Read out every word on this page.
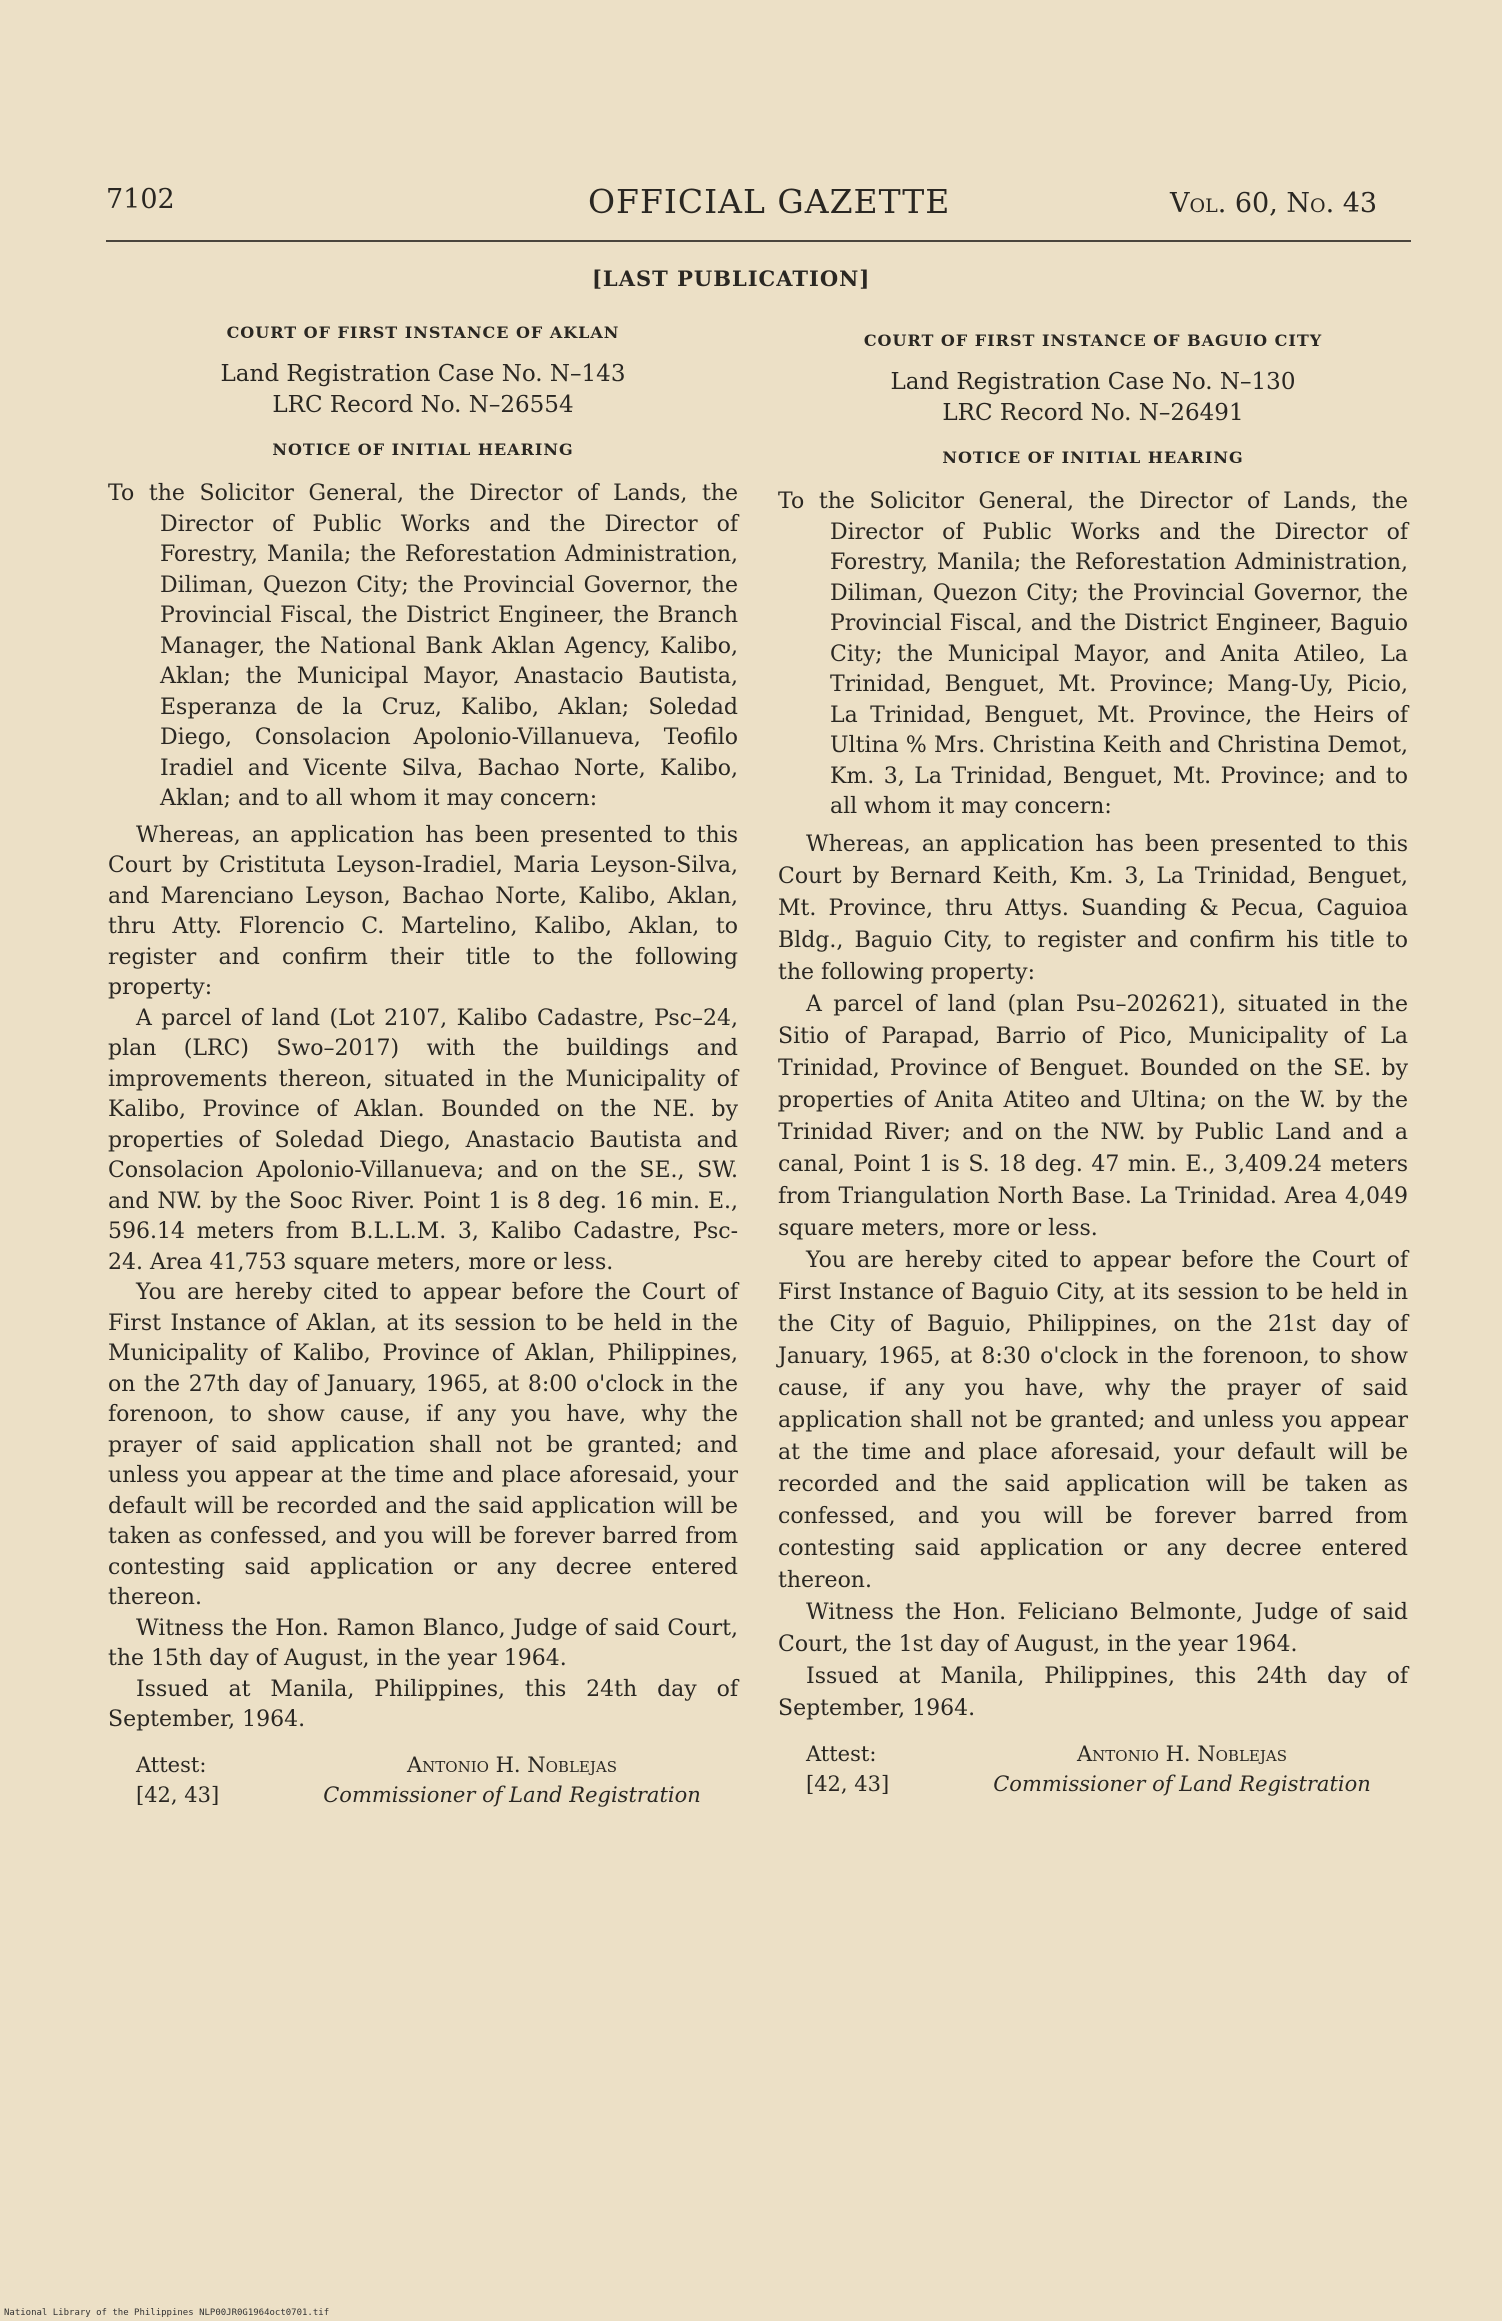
7102	OFFICIAL GAZETTE	Vol. 60, No. 43
[LAST PUBLICATION]
COURT OF FIRST INSTANCE OF AKLAN
Land Registration Case No. N–143
LRC Record No. N–26554
NOTICE OF INITIAL HEARING

To the Solicitor General, the Director of Lands, the Director of Public Works and the Director of Forestry, Manila; the Reforestation Administration, Diliman, Quezon City; the Provincial Governor, the Provincial Fiscal, the District Engineer, the Branch Manager, the National Bank Aklan Agency, Kalibo, Aklan; the Municipal Mayor, Anastacio Bautista, Esperanza de la Cruz, Kalibo, Aklan; Soledad Diego, Consolacion Apolonio-Villanueva, Teofilo Iradiel and Vicente Silva, Bachao Norte, Kalibo, Aklan; and to all whom it may concern:

Whereas, an application has been presented to this Court by Cristituta Leyson-Iradiel, Maria Leyson-Silva, and Marenciano Leyson, Bachao Norte, Kalibo, Aklan, thru Atty. Florencio C. Martelino, Kalibo, Aklan, to register and confirm their title to the following property:

A parcel of land (Lot 2107, Kalibo Cadastre, Psc–24, plan (LRC) Swo–2017) with the buildings and improvements thereon, situated in the Municipality of Kalibo, Province of Aklan. Bounded on the NE. by properties of Soledad Diego, Anastacio Bautista and Consolacion Apolonio-Villanueva; and on the SE., SW. and NW. by the Sooc River. Point 1 is 8 deg. 16 min. E., 596.14 meters from B.L.L.M. 3, Kalibo Cadastre, Psc-24. Area 41,753 square meters, more or less.

You are hereby cited to appear before the Court of First Instance of Aklan, at its session to be held in the Municipality of Kalibo, Province of Aklan, Philippines, on the 27th day of January, 1965, at 8:00 o'clock in the forenoon, to show cause, if any you have, why the prayer of said application shall not be granted; and unless you appear at the time and place aforesaid, your default will be recorded and the said application will be taken as confessed, and you will be forever barred from contesting said application or any decree entered thereon.

Witness the Hon. Ramon Blanco, Judge of said Court, the 15th day of August, in the year 1964.

Issued at Manila, Philippines, this 24th day of September, 1964.

Attest:
[42, 43]
Antonio H. Noblejas
Commissioner of Land Registration
COURT OF FIRST INSTANCE OF BAGUIO CITY
Land Registration Case No. N–130
LRC Record No. N–26491
NOTICE OF INITIAL HEARING

To the Solicitor General, the Director of Lands, the Director of Public Works and the Director of Forestry, Manila; the Reforestation Administration, Diliman, Quezon City; the Provincial Governor, the Provincial Fiscal, and the District Engineer, Baguio City; the Municipal Mayor, and Anita Atileo, La Trinidad, Benguet, Mt. Province; Mang-Uy, Picio, La Trinidad, Benguet, Mt. Province, the Heirs of Ultina % Mrs. Christina Keith and Christina Demot, Km. 3, La Trinidad, Benguet, Mt. Province; and to all whom it may concern:

Whereas, an application has been presented to this Court by Bernard Keith, Km. 3, La Trinidad, Benguet, Mt. Province, thru Attys. Suanding & Pecua, Caguioa Bldg., Baguio City, to register and confirm his title to the following property:

A parcel of land (plan Psu–202621), situated in the Sitio of Parapad, Barrio of Pico, Municipality of La Trinidad, Province of Benguet. Bounded on the SE. by properties of Anita Atiteo and Ultina; on the W. by the Trinidad River; and on the NW. by Public Land and a canal, Point 1 is S. 18 deg. 47 min. E., 3,409.24 meters from Triangulation North Base. La Trinidad. Area 4,049 square meters, more or less.

You are hereby cited to appear before the Court of First Instance of Baguio City, at its session to be held in the City of Baguio, Philippines, on the 21st day of January, 1965, at 8:30 o'clock in the forenoon, to show cause, if any you have, why the prayer of said application shall not be granted; and unless you appear at the time and place aforesaid, your default will be recorded and the said application will be taken as confessed, and you will be forever barred from contesting said application or any decree entered thereon.

Witness the Hon. Feliciano Belmonte, Judge of said Court, the 1st day of August, in the year 1964.

Issued at Manila, Philippines, this 24th day of September, 1964.

Attest:
[42, 43]
Antonio H. Noblejas
Commissioner of Land Registration
National Library of the Philippines NLP00JR0G1964oct0701.tif
